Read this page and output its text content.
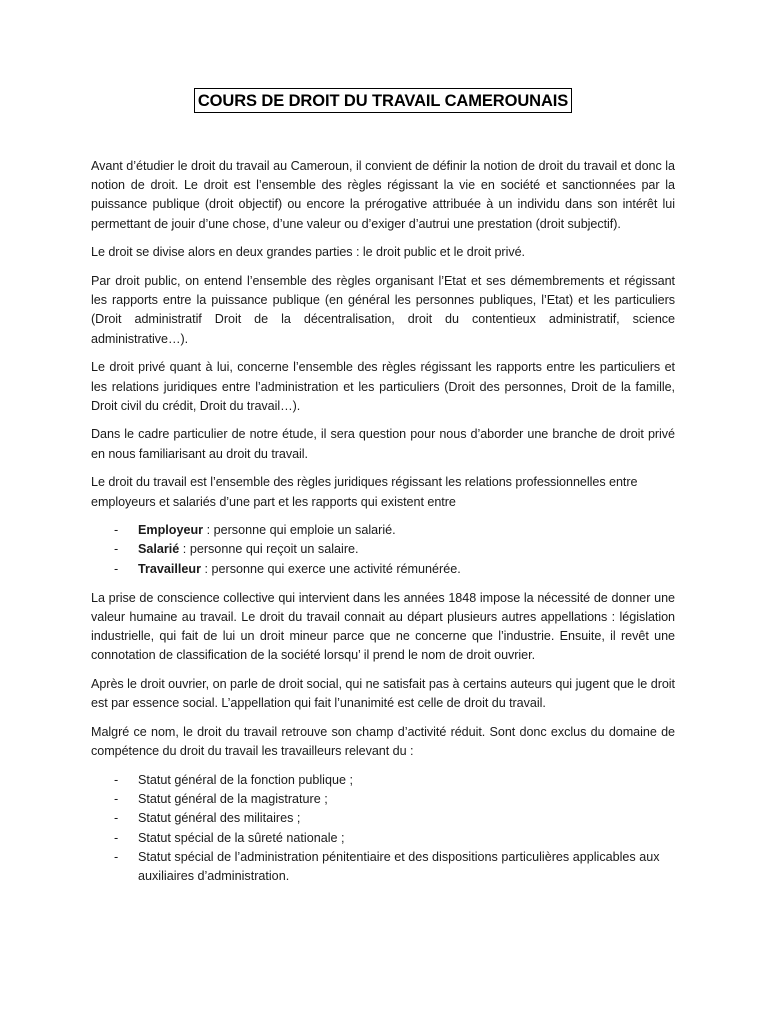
COURS DE DROIT DU TRAVAIL CAMEROUNAIS

Avant d’étudier le droit du travail au Cameroun, il convient de définir la notion de droit du travail et donc la notion de droit. Le droit est l’ensemble des règles régissant la vie en société et sanctionnées par la puissance publique (droit objectif) ou encore la prérogative attribuée à un individu dans son intérêt lui permettant de jouir d’une chose, d’une valeur ou d’exiger d’autrui une prestation (droit subjectif).

Le droit se divise alors en deux grandes parties : le droit public et le droit privé.

Par droit public, on entend l’ensemble des règles organisant l’Etat et ses démembrements et régissant les rapports entre la puissance publique (en général les personnes publiques, l’Etat) et les particuliers (Droit administratif Droit de la décentralisation, droit du contentieux administratif, science administrative…).

Le droit privé quant à lui, concerne l’ensemble des règles régissant les rapports entre les particuliers et les relations juridiques entre l’administration et les particuliers (Droit des personnes, Droit de la famille, Droit civil du crédit, Droit du travail…).

Dans le cadre particulier de notre étude, il sera question pour nous d’aborder une branche de droit privé en nous familiarisant au droit du travail.

Le droit du travail est l’ensemble des règles juridiques régissant les relations professionnelles entre employeurs et salariés d’une part et les rapports qui existent entre

- Employeur : personne qui emploie un salarié.
- Salarié : personne qui reçoit un salaire.
- Travailleur : personne qui exerce une activité rémunérée.

La prise de conscience collective qui intervient dans les années 1848 impose la nécessité de donner une valeur humaine au travail. Le droit du travail connait au départ plusieurs autres appellations : législation industrielle, qui fait de lui un droit mineur parce que ne concerne que l’industrie. Ensuite, il revêt une connotation de classification de la société lorsqu’ il prend le nom de droit ouvrier.

Après le droit ouvrier, on parle de droit social, qui ne satisfait pas à certains auteurs qui jugent que le droit est par essence social. L’appellation qui fait l’unanimité est celle de droit du travail.

Malgré ce nom, le droit du travail retrouve son champ d’activité réduit. Sont donc exclus du domaine de compétence du droit du travail les travailleurs relevant du :

- Statut général de la fonction publique ;
- Statut général de la magistrature ;
- Statut général des militaires ;
- Statut spécial de la sûreté nationale ;
- Statut spécial de l’administration pénitentiaire et des dispositions particulières applicables aux auxiliaires d’administration.
